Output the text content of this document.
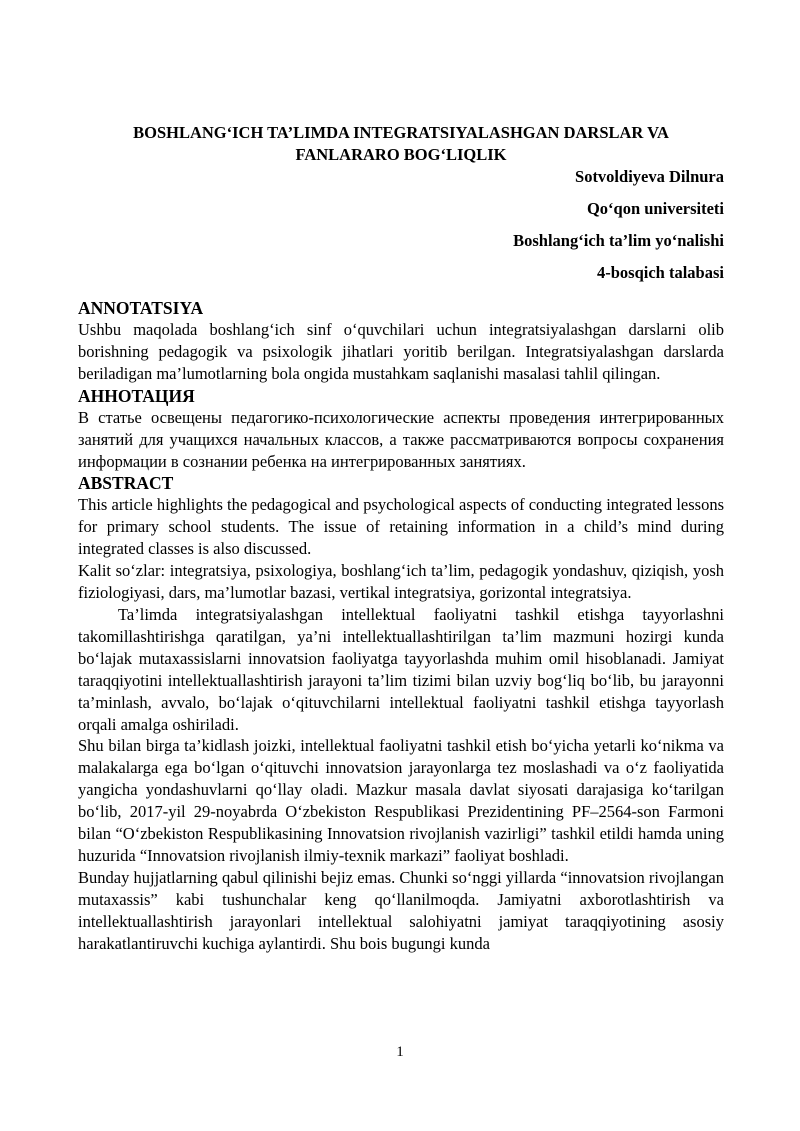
BOSHLANG‘ICH TA’LIMDA INTEGRATSIYALASHGAN DARSLAR VA
FANLARARO BOG‘LIQLIK

Sotvoldiyeva Dilnura

Qo‘qon universiteti

Boshlang‘ich ta’lim yo‘nalishi

4-bosqich talabasi

ANNOTATSIYA

Ushbu maqolada boshlang‘ich sinf o‘quvchilari uchun integratsiyalashgan darslarni olib borishning pedagogik va psixologik jihatlari yoritib berilgan. Integratsiyalashgan darslarda beriladigan ma’lumotlarning bola ongida mustahkam saqlanishi masalasi tahlil qilingan.

АННОТАЦИЯ

В статье освещены педагогико-психологические аспекты проведения интегрированных занятий для учащихся начальных классов, а также рассматриваются вопросы сохранения информации в сознании ребенка на интегрированных занятиях.

ABSTRACT

This article highlights the pedagogical and psychological aspects of conducting integrated lessons for primary school students. The issue of retaining information in a child’s mind during integrated classes is also discussed.

Kalit so‘zlar: integratsiya, psixologiya, boshlang‘ich ta’lim, pedagogik yondashuv, qiziqish, yosh fiziologiyasi, dars, ma’lumotlar bazasi, vertikal integratsiya, gorizontal integratsiya.

Ta’limda integratsiyalashgan intellektual faoliyatni tashkil etishga tayyorlashni takomillashtirishga qaratilgan, ya’ni intellektuallashtirilgan ta’lim mazmuni hozirgi kunda bo‘lajak mutaxassislarni innovatsion faoliyatga tayyorlashda muhim omil hisoblanadi. Jamiyat taraqqiyotini intellektuallashtirish jarayoni ta’lim tizimi bilan uzviy bog‘liq bo‘lib, bu jarayonni ta’minlash, avvalo, bo‘lajak o‘qituvchilarni intellektual faoliyatni tashkil etishga tayyorlash orqali amalga oshiriladi.

Shu bilan birga ta’kidlash joizki, intellektual faoliyatni tashkil etish bo‘yicha yetarli ko‘nikma va malakalarga ega bo‘lgan o‘qituvchi innovatsion jarayonlarga tez moslashadi va o‘z faoliyatida yangicha yondashuvlarni qo‘llay oladi. Mazkur masala davlat siyosati darajasiga ko‘tarilgan bo‘lib, 2017-yil 29-noyabrda O‘zbekiston Respublikasi Prezidentining PF–2564-son Farmoni bilan “O‘zbekiston Respublikasining Innovatsion rivojlanish vazirligi” tashkil etildi hamda uning huzurida “Innovatsion rivojlanish ilmiy-texnik markazi” faoliyat boshladi.

Bunday hujjatlarning qabul qilinishi bejiz emas. Chunki so‘nggi yillarda “innovatsion rivojlangan mutaxassis” kabi tushunchalar keng qo‘llanilmoqda. Jamiyatni axborotlashtirish va intellektuallashtirish jarayonlari intellektual salohiyatni jamiyat taraqqiyotining asosiy harakatlantiruvchi kuchiga aylantirdi. Shu bois bugungi kunda

1
